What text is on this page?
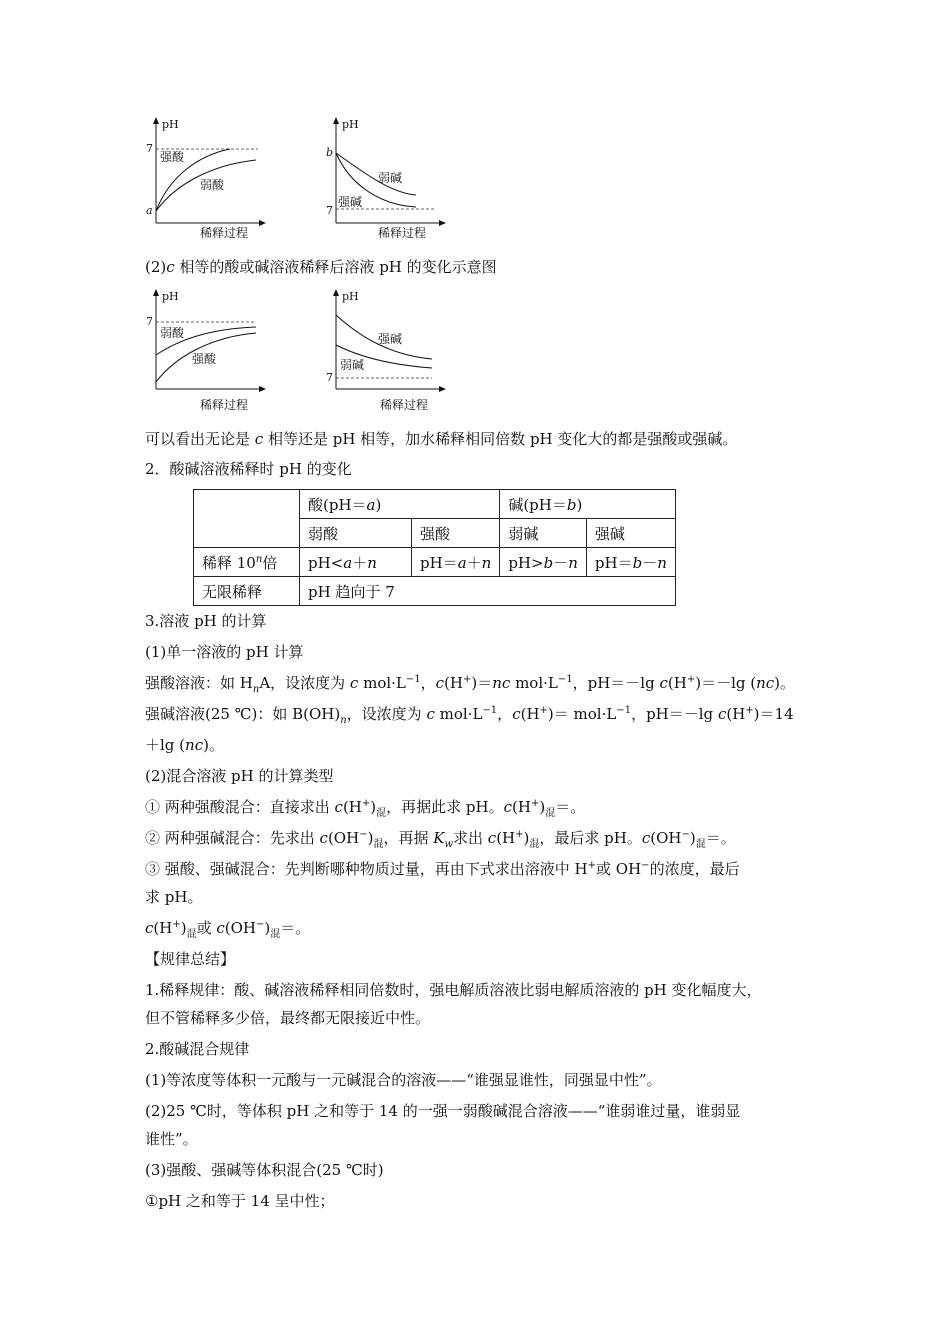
pH
7
a
强酸
弱酸
稀释过程
pH
b
7
弱碱
强碱
稀释过程
(2)c 相等的酸或碱溶液稀释后溶液 pH 的变化示意图
pH
7
弱酸
强酸
稀释过程
pH
7
强碱
弱碱
稀释过程
可以看出无论是 c 相等还是 pH 相等，加水稀释相同倍数 pH 变化大的都是强酸或强碱。
2．酸碱溶液稀释时 pH 的变化
	酸(pH＝a)		碱(pH＝b)	
	弱酸	强酸	弱碱	强碱
稀释 10$^n$倍	pH<a＋n	pH＝a＋n	pH>b－n	pH＝b－n
无限稀释	pH 趋向于 7			
3.溶液 pH 的计算
(1)单一溶液的 pH 计算
强酸溶液：如 $H_nA$，设浓度为 c $mol\cdot L^{-1}$，c(H+)＝nc $mol\cdot L^{-1}$，pH＝－lg c(H+)＝－lg (nc)。
强碱溶液(25 ℃)：如 $B(OH)_n$，设浓度为 c $mol\cdot L^{-1}$，$c(H^+)= mol\cdot L^{-1}$，pH＝－lg c(H+)＝14
＋lg (nc)。
(2)混合溶液 pH 的计算类型
① 两种强酸混合：直接求出 $c(H^+)_混$，再据此求 pH。$c(H^+)_混=$。
② 两种强碱混合：先求出 $c(OH^-)_混$，再据 $K_w$求出 $c(H^+)_混$，最后求 pH。$c(OH^-)_混=$。
③ 强酸、强碱混合：先判断哪种物质过量，再由下式求出溶液中 H+或 OH−的浓度，最后
求 pH。
$c(H^+)_混$或 $c(OH^-)_混=$。
【规律总结】
1.稀释规律：酸、碱溶液稀释相同倍数时，强电解质溶液比弱电解质溶液的 pH 变化幅度大，
但不管稀释多少倍，最终都无限接近中性。
2.酸碱混合规律
(1)等浓度等体积一元酸与一元碱混合的溶液——“谁强显谁性，同强显中性”。
(2)25 ℃时，等体积 pH 之和等于 14 的一强一弱酸碱混合溶液——“谁弱谁过量，谁弱显
谁性”。
(3)强酸、强碱等体积混合(25 ℃时)
①pH 之和等于 14 呈中性；
